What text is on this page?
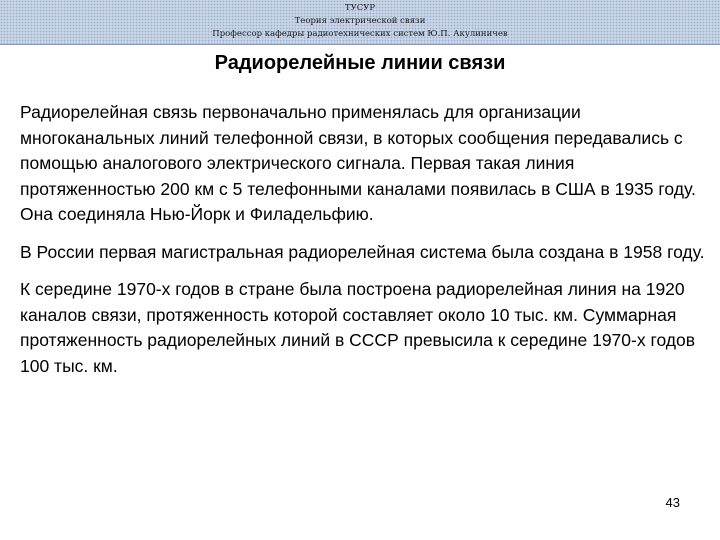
ТУСУР
Теория электрической связи
Профессор кафедры радиотехнических систем Ю.П. Акулиничев
Радиорелейные линии связи

Радиорелейная связь первоначально применялась для организации многоканальных линий телефонной связи, в которых сообщения передавались с помощью аналогового электрического сигнала. Первая такая линия протяженностью 200 км с 5 телефонными каналами появилась в США в 1935 году. Она соединяла Нью-Йорк и Филадельфию.

В России первая магистральная радиорелейная система была создана в 1958 году.

К середине 1970-х годов в стране была построена радиорелейная линия на 1920 каналов связи, протяженность которой составляет около 10 тыс. км. Суммарная протяженность радиорелейных линий в СССР превысила к середине 1970-х годов 100 тыс. км.

43
